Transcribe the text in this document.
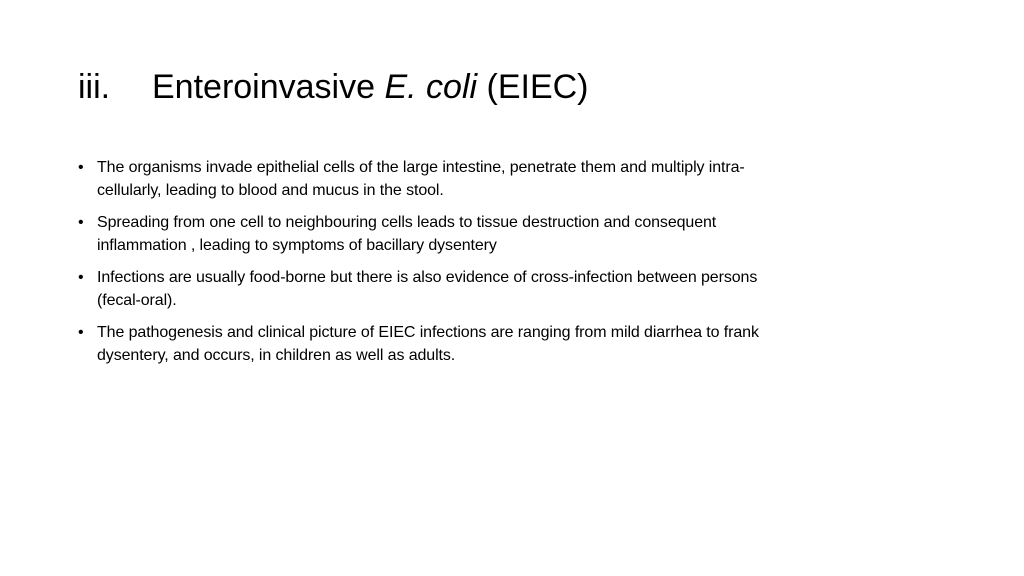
iii. Enteroinvasive E. coli (EIEC)
• The organisms invade epithelial cells of the large intestine, penetrate them and multiply intra-cellularly, leading to blood and mucus in the stool.
• Spreading from one cell to neighbouring cells leads to tissue destruction and consequent inflammation , leading to symptoms of bacillary dysentery
• Infections are usually food-borne but there is also evidence of cross-infection between persons (fecal-oral).
• The pathogenesis and clinical picture of EIEC infections are ranging from mild diarrhea to frank dysentery, and occurs, in children as well as adults.
